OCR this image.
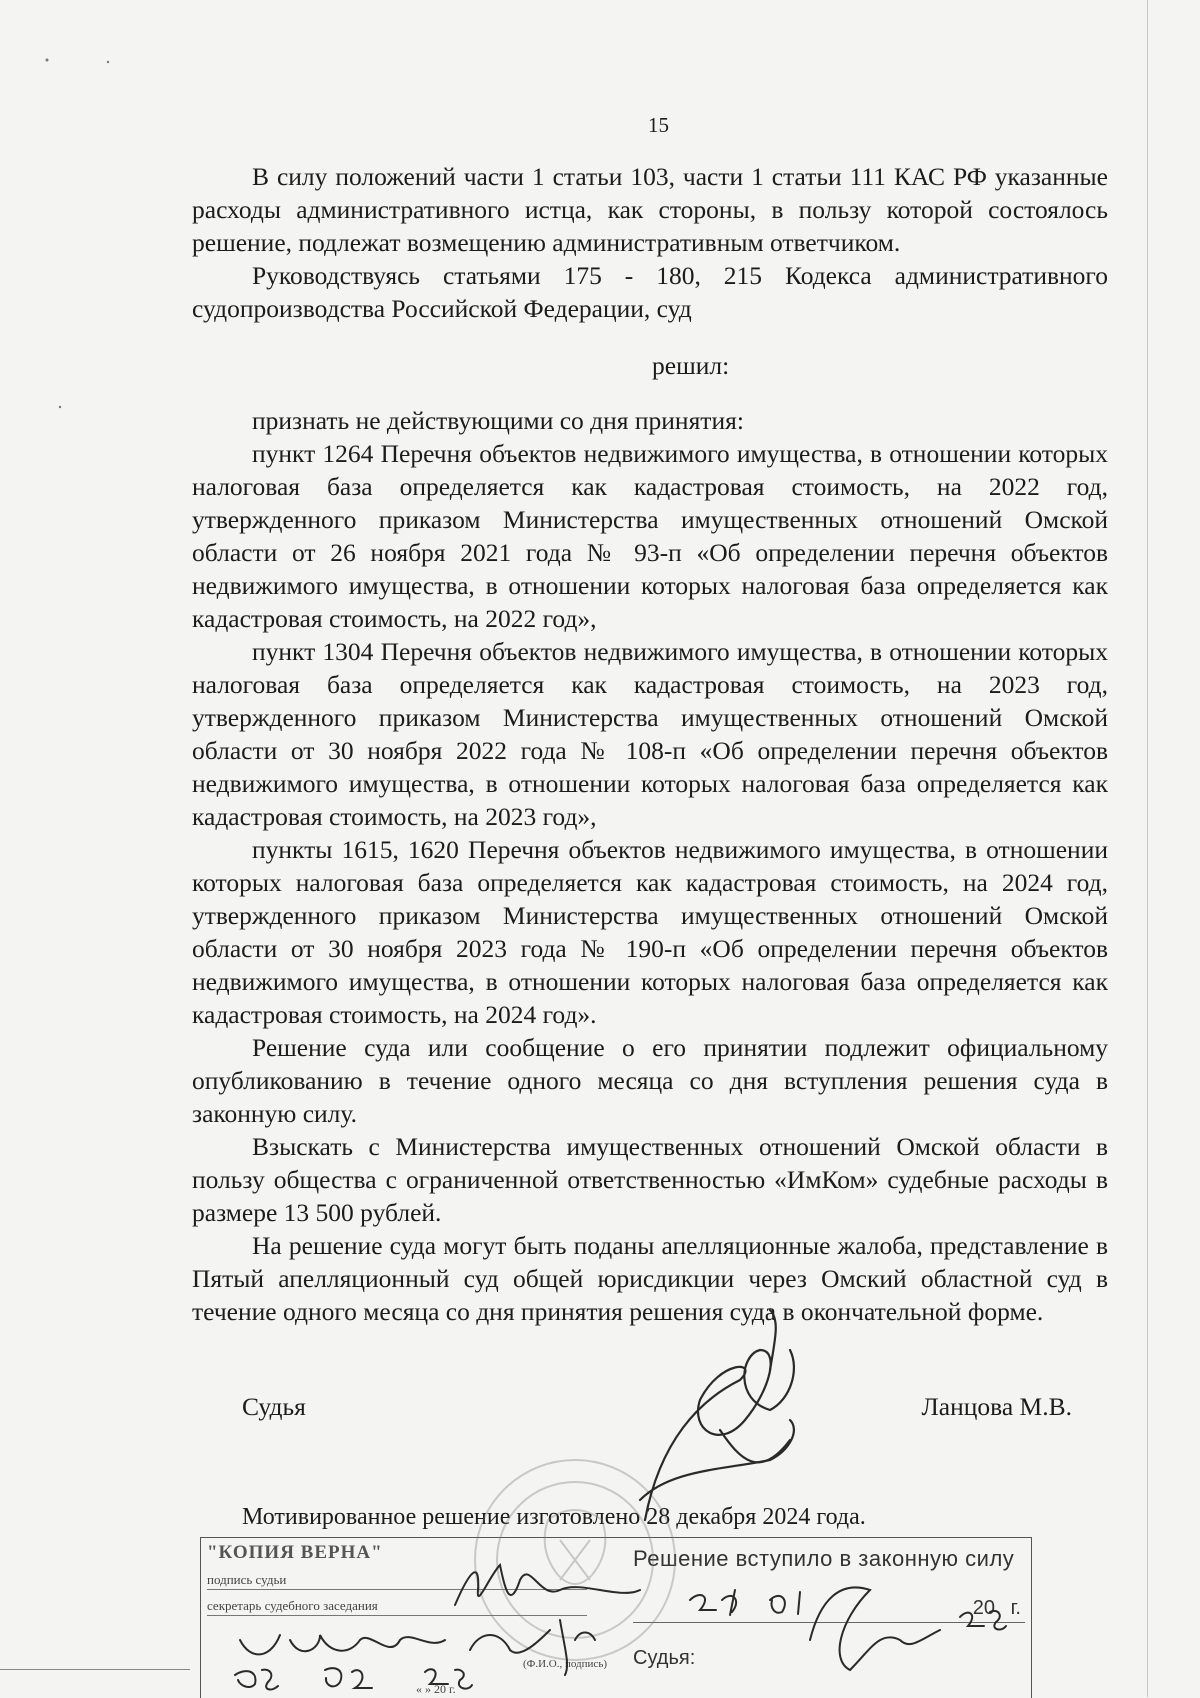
15

В силу положений части 1 статьи 103, части 1 статьи 111 КАС РФ указанные расходы административного истца, как стороны, в пользу которой состоялось решение, подлежат возмещению административным ответчиком.

Руководствуясь статьями 175 - 180, 215 Кодекса административного судопроизводства Российской Федерации, суд

решил:

признать не действующими со дня принятия:

пункт 1264 Перечня объектов недвижимого имущества, в отношении которых налоговая база определяется как кадастровая стоимость, на 2022 год, утвержденного приказом Министерства имущественных отношений Омской области от 26 ноября 2021 года № 93-п «Об определении перечня объектов недвижимого имущества, в отношении которых налоговая база определяется как кадастровая стоимость, на 2022 год»,

пункт 1304 Перечня объектов недвижимого имущества, в отношении которых налоговая база определяется как кадастровая стоимость, на 2023 год, утвержденного приказом Министерства имущественных отношений Омской области от 30 ноября 2022 года № 108-п «Об определении перечня объектов недвижимого имущества, в отношении которых налоговая база определяется как кадастровая стоимость, на 2023 год»,

пункты 1615, 1620 Перечня объектов недвижимого имущества, в отношении которых налоговая база определяется как кадастровая стоимость, на 2024 год, утвержденного приказом Министерства имущественных отношений Омской области от 30 ноября 2023 года № 190-п «Об определении перечня объектов недвижимого имущества, в отношении которых налоговая база определяется как кадастровая стоимость, на 2024 год».

Решение суда или сообщение о его принятии подлежит официальному опубликованию в течение одного месяца со дня вступления решения суда в законную силу.

Взыскать с Министерства имущественных отношений Омской области в пользу общества с ограниченной ответственностью «ИмКом» судебные расходы в размере 13 500 рублей.

На решение суда могут быть поданы апелляционные жалоба, представление в Пятый апелляционный суд общей юрисдикции через Омский областной суд в течение одного месяца со дня принятия решения суда в окончательной форме.

Судья	Ланцова М.В.
Мотивированное решение изготовлено 28 декабря 2024 года.
"КОПИЯ ВЕРНА"
подпись судьи
секретарь судебного заседания
(Ф.И.О., подпись)
« » 20 г.
Решение вступило в законную силу
20 г.
Судья:
